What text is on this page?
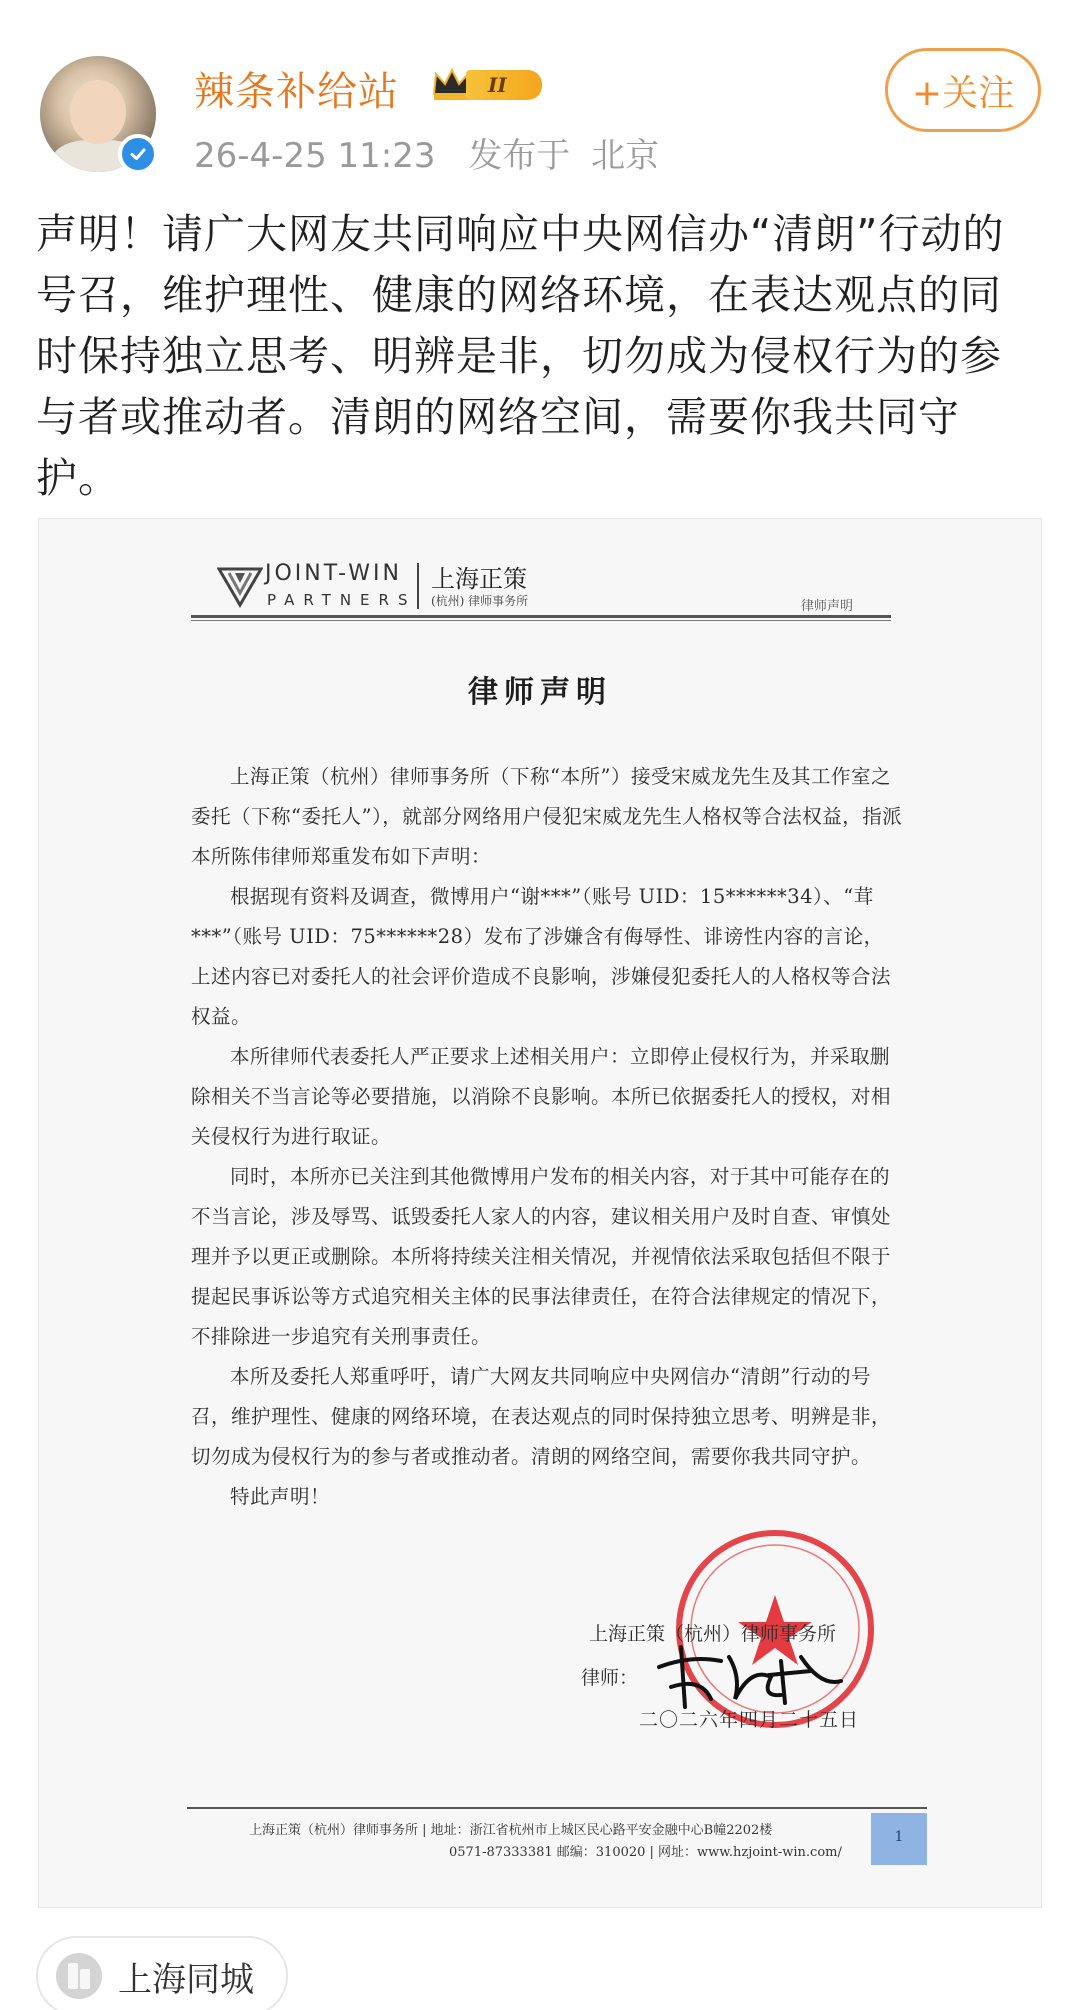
辣条补给站	II
26-4-25 11:23 发布于 北京
+关注
声明！请广大网友共同响应中央网信办“清朗”行动的号召，维护理性、健康的网络环境，在表达观点的同时保持独立思考、明辨是非，切勿成为侵权行为的参与者或推动者。清朗的网络空间，需要你我共同守护。
JOINT-WIN
PARTNERS
上海正策
(杭州) 律师事务所	律师声明
律师声明

上海正策（杭州）律师事务所（下称“本所”）接受宋威龙先生及其工作室之委托（下称“委托人”），就部分网络用户侵犯宋威龙先生人格权等合法权益，指派本所陈伟律师郑重发布如下声明：

根据现有资料及调查，微博用户“谢***”（账号 UID：15******34）、“茸***”（账号 UID：75******28）发布了涉嫌含有侮辱性、诽谤性内容的言论，上述内容已对委托人的社会评价造成不良影响，涉嫌侵犯委托人的人格权等合法权益。

本所律师代表委托人严正要求上述相关用户：立即停止侵权行为，并采取删除相关不当言论等必要措施，以消除不良影响。本所已依据委托人的授权，对相关侵权行为进行取证。

同时，本所亦已关注到其他微博用户发布的相关内容，对于其中可能存在的不当言论，涉及辱骂、诋毁委托人家人的内容，建议相关用户及时自查、审慎处理并予以更正或删除。本所将持续关注相关情况，并视情依法采取包括但不限于提起民事诉讼等方式追究相关主体的民事法律责任，在符合法律规定的情况下，不排除进一步追究有关刑事责任。

本所及委托人郑重呼吁，请广大网友共同响应中央网信办“清朗”行动的号召，维护理性、健康的网络环境，在表达观点的同时保持独立思考、明辨是非，切勿成为侵权行为的参与者或推动者。清朗的网络空间，需要你我共同守护。

特此声明！

上海正策（杭州）律师事务所
律师：
二〇二六年四月二十五日
上海正策（杭州）律师事务所 | 地址：浙江省杭州市上城区民心路平安金融中心B幢2202楼
0571-87333381 邮编：310020 | 网址：www.hzjoint-win.com/
1
上海同城
